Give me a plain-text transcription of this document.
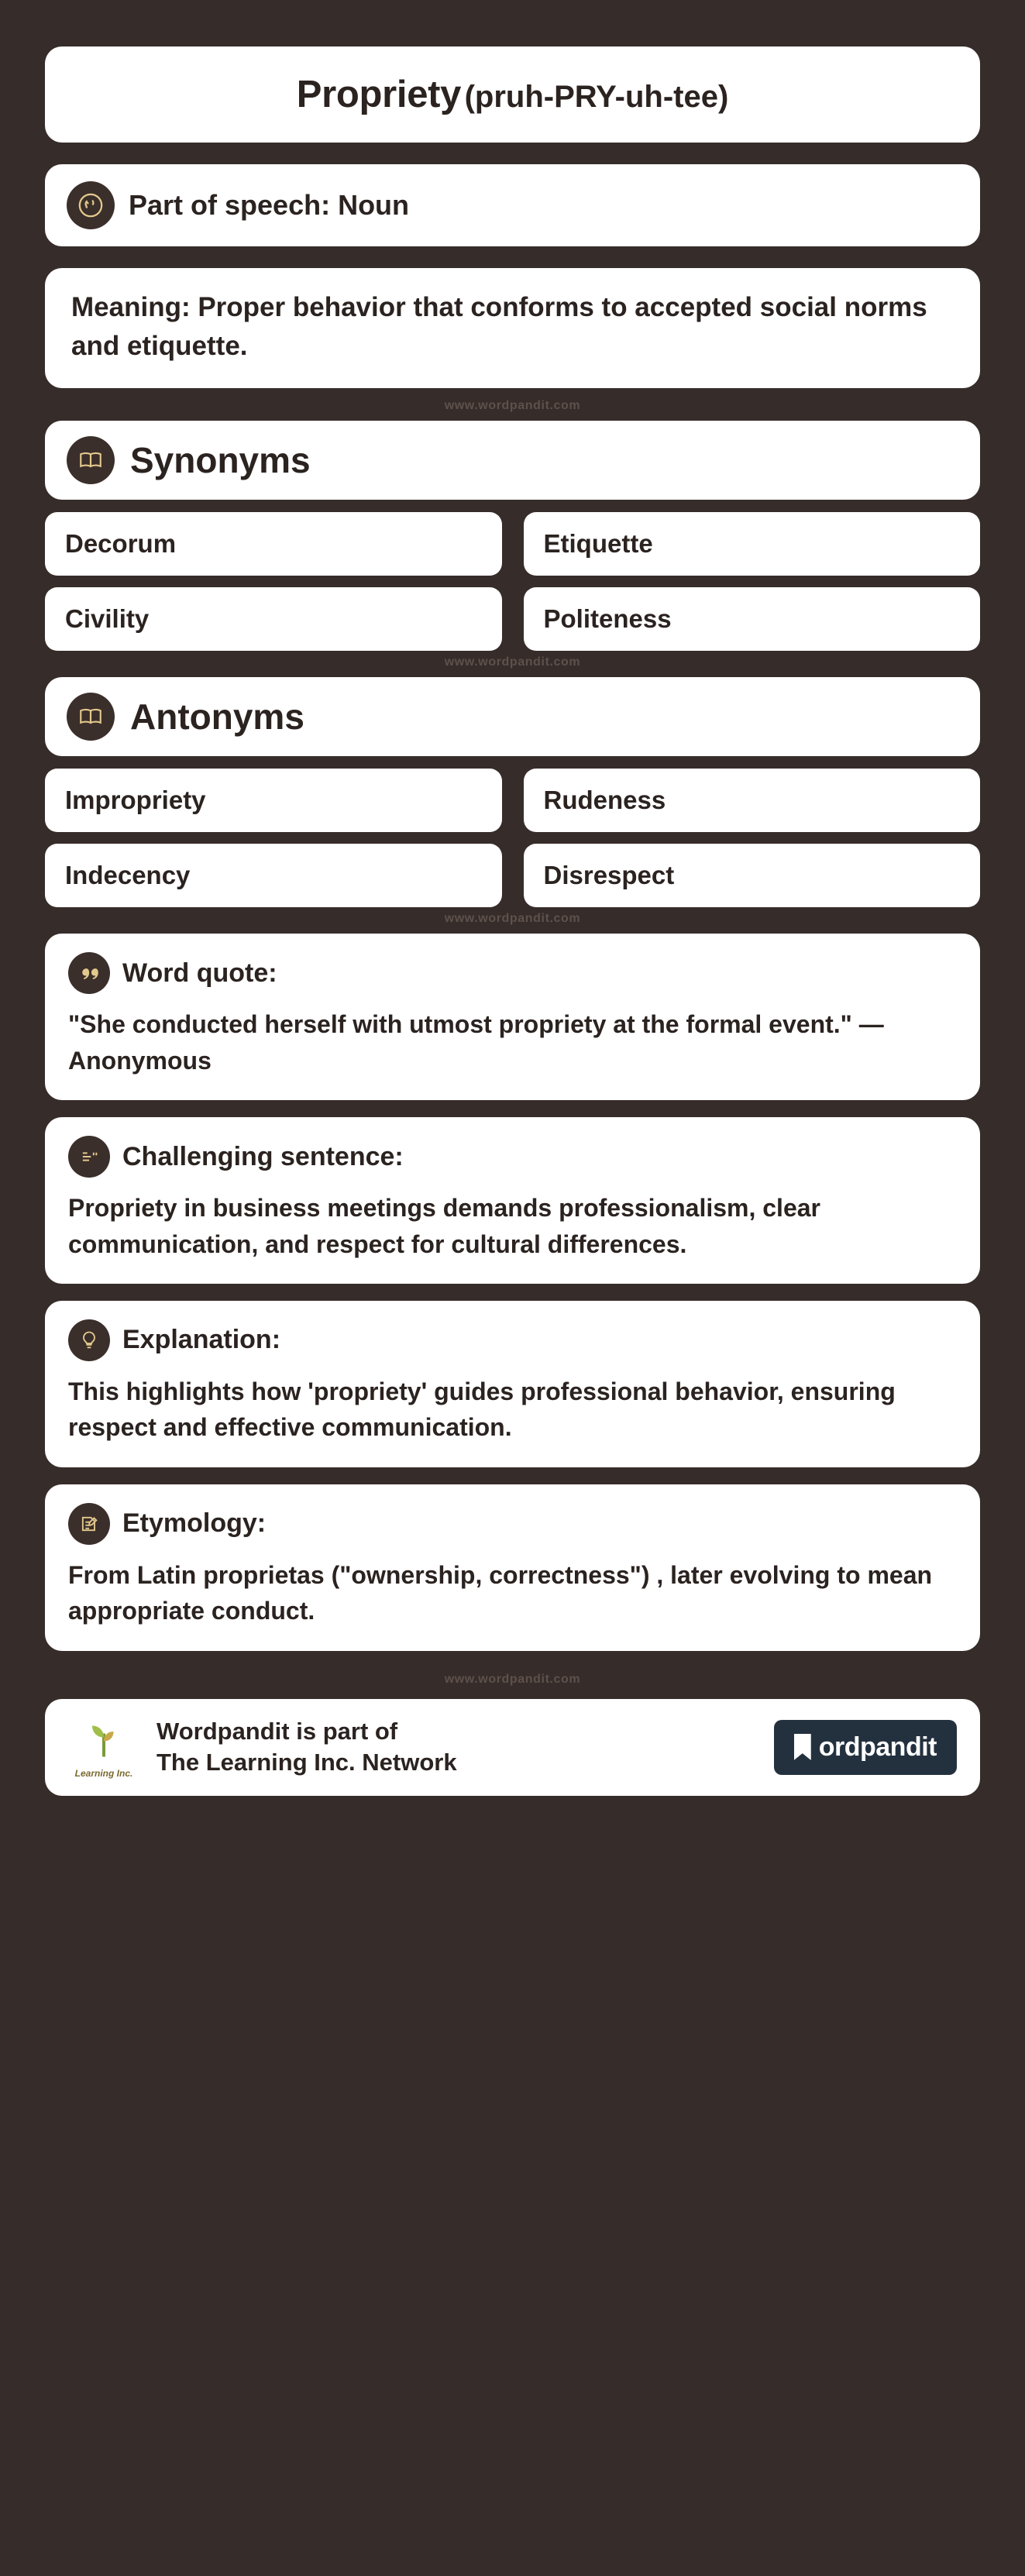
Propriety (pruh-PRY-uh-tee)
Part of speech: Noun
Meaning: Proper behavior that conforms to accepted social norms and etiquette.
www.wordpandit.com
Synonyms
Decorum	Etiquette
Civility	Politeness
www.wordpandit.com
Antonyms
Impropriety	Rudeness
Indecency	Disrespect
www.wordpandit.com
Word quote:
"She conducted herself with utmost propriety at the formal event." — Anonymous
Challenging sentence:
Propriety in business meetings demands professionalism, clear communication, and respect for cultural differences.
Explanation:
This highlights how 'propriety' guides professional behavior, ensuring respect and effective communication.
Etymology:
From Latin proprietas ("ownership, correctness") , later evolving to mean appropriate conduct.
www.wordpandit.com
Learning Inc.
Wordpandit is part of
The Learning Inc. Network
ordpandit
